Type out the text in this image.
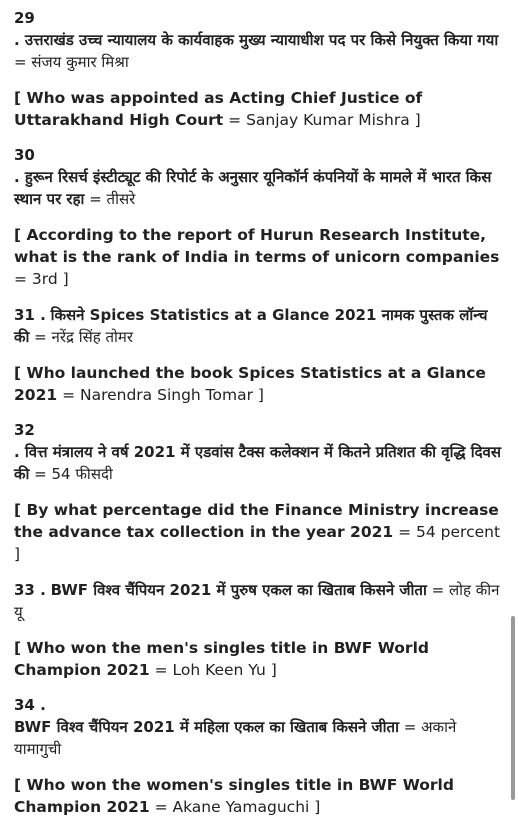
29
. उत्तराखंड उच्च न्यायालय के कार्यवाहक मुख्य न्यायाधीश पद पर किसे नियुक्त किया गया = संजय कुमार मिश्रा
[ Who was appointed as Acting Chief Justice of Uttarakhand High Court = Sanjay Kumar Mishra ]
30
. हुरून रिसर्च इंस्टीट्यूट की रिपोर्ट के अनुसार यूनिकॉर्न कंपनियों के मामले में भारत किस स्थान पर रहा = तीसरे
[ According to the report of Hurun Research Institute, what is the rank of India in terms of unicorn companies = 3rd ]
31 . किसने Spices Statistics at a Glance 2021 नामक पुस्तक लॉन्च की = नरेंद्र सिंह तोमर
[ Who launched the book Spices Statistics at a Glance 2021 = Narendra Singh Tomar ]
32
. वित्त मंत्रालय ने वर्ष 2021 में एडवांस टैक्स कलेक्शन में कितने प्रतिशत की वृद्धि दिवस की = 54 फीसदी
[ By what percentage did the Finance Ministry increase the advance tax collection in the year 2021 = 54 percent ]
33 . BWF विश्व चैंपियन 2021 में पुरुष एकल का खिताब किसने जीता = लोह कीन यू
[ Who won the men's singles title in BWF World Champion 2021 = Loh Keen Yu ]
34 .
BWF विश्व चैंपियन 2021 में महिला एकल का खिताब किसने जीता = अकाने यामागुची
[ Who won the women's singles title in BWF World Champion 2021 = Akane Yamaguchi ]
